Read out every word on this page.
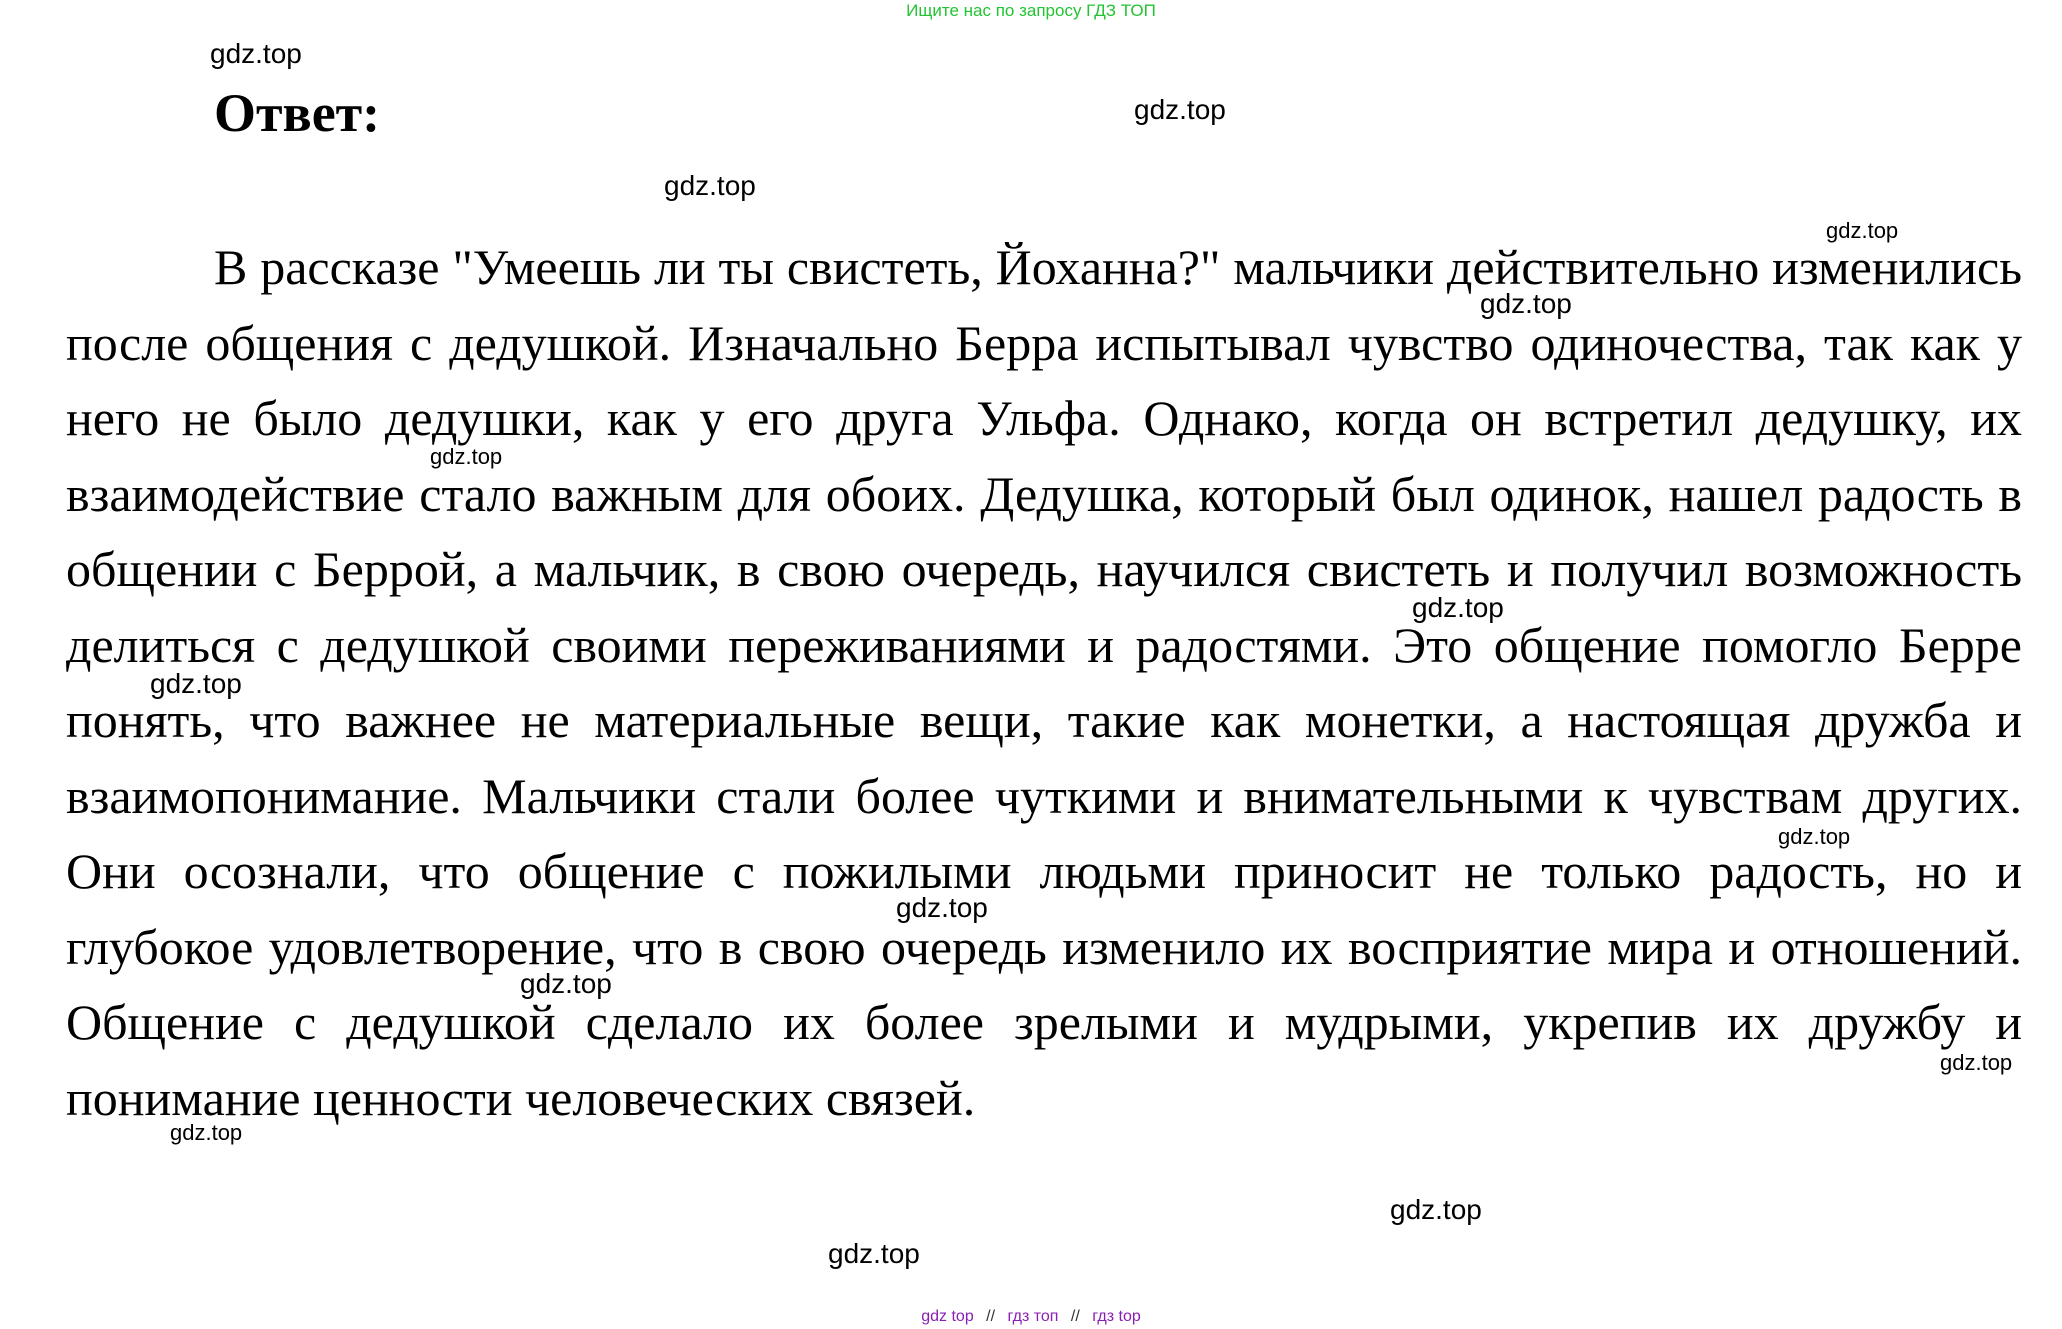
Ищите нас по запросу ГДЗ ТОП
Ответ:

В рассказе "Умеешь ли ты свистеть, Йоханна?" мальчики действительно изменились после общения с дедушкой. Изначально Берра испытывал чувство одиночества, так как у него не было дедушки, как у его друга Ульфа. Однако, когда он встретил дедушку, их взаимодействие стало важным для обоих. Дедушка, который был одинок, нашел радость в общении с Беррой, а мальчик, в свою очередь, научился свистеть и получил возможность делиться с дедушкой своими переживаниями и радостями. Это общение помогло Берре понять, что важнее не материальные вещи, такие как монетки, а настоящая дружба и взаимопонимание. Мальчики стали более чуткими и внимательными к чувствам других. Они осознали, что общение с пожилыми людьми приносит не только радость, но и глубокое удовлетворение, что в свою очередь изменило их восприятие мира и отношений. Общение с дедушкой сделало их более зрелыми и мудрыми, укрепив их дружбу и понимание ценности человеческих связей.

gdz.top
gdz.top
gdz.top
gdz.top
gdz.top
gdz.top
gdz.top
gdz.top
gdz.top
gdz.top
gdz.top
gdz.top
gdz.top
gdz.top
gdz.top
gdz top // гдз топ // гдз top
